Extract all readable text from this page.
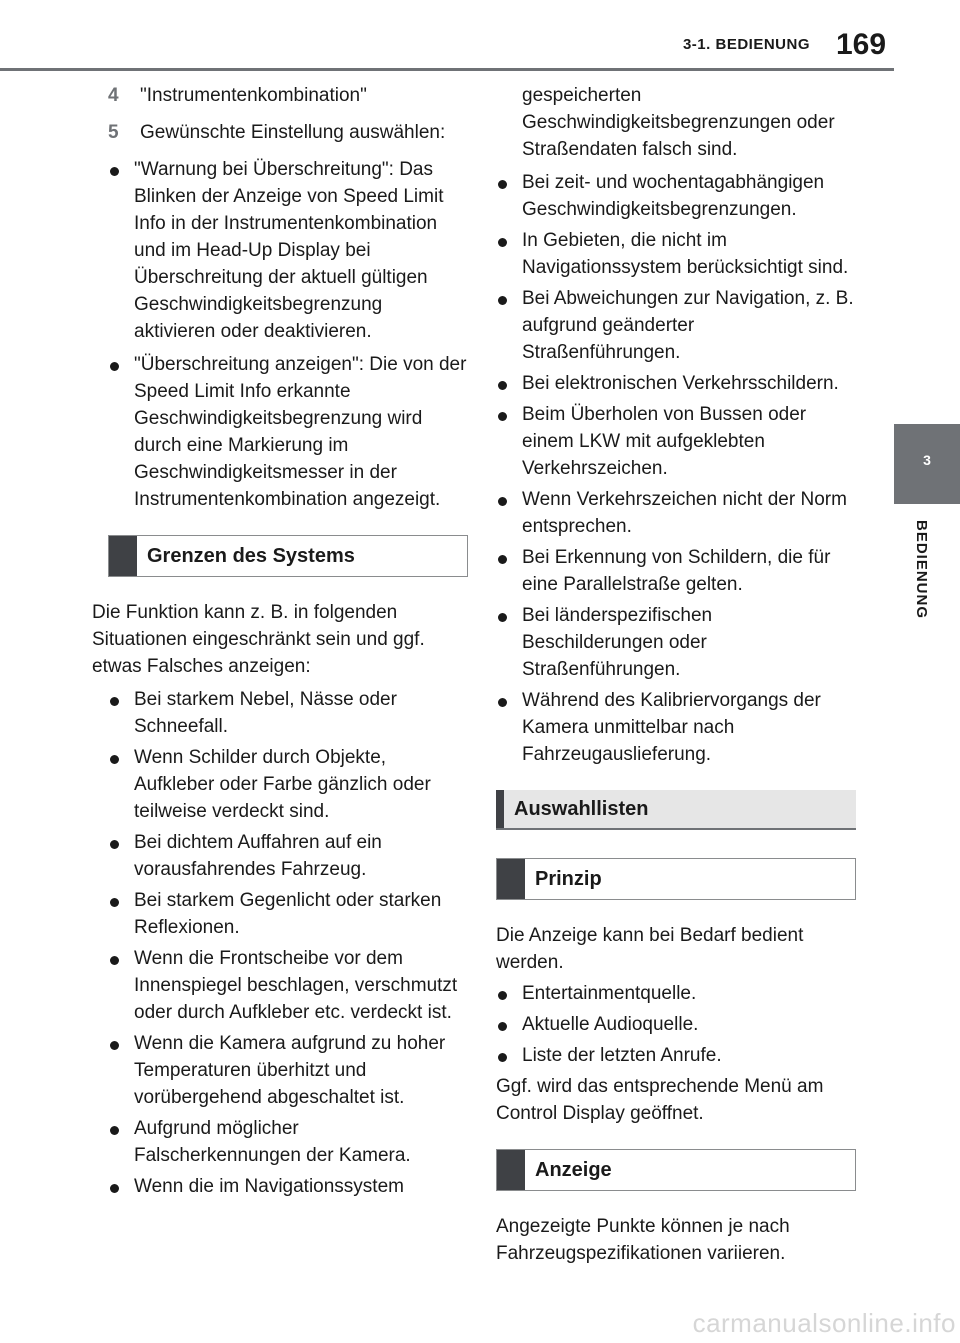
3-1. BEDIENUNG 169
3
BEDIENUNG
4 "Instrumentenkombination"
5 Gewünschte Einstellung auswählen:
"Warnung bei Überschreitung": Das Blinken der Anzeige von Speed Limit Info in der Instrumentenkombination und im Head-Up Display bei Überschreitung der aktuell gültigen Geschwindigkeitsbegrenzung aktivieren oder deaktivieren.
"Überschreitung anzeigen": Die von der Speed Limit Info erkannte Geschwindigkeitsbegrenzung wird durch eine Markierung im Geschwindigkeitsmesser in der Instrumentenkombination angezeigt.
Grenzen des Systems
Die Funktion kann z. B. in folgenden Situationen eingeschränkt sein und ggf. etwas Falsches anzeigen:
Bei starkem Nebel, Nässe oder Schneefall.
Wenn Schilder durch Objekte, Aufkleber oder Farbe gänzlich oder teilweise verdeckt sind.
Bei dichtem Auffahren auf ein vorausfahrendes Fahrzeug.
Bei starkem Gegenlicht oder starken Reflexionen.
Wenn die Frontscheibe vor dem Innenspiegel beschlagen, verschmutzt oder durch Aufkleber etc. verdeckt ist.
Wenn die Kamera aufgrund zu hoher Temperaturen überhitzt und vorübergehend abgeschaltet ist.
Aufgrund möglicher Falscherkennungen der Kamera.
Wenn die im Navigationssystem
gespeicherten Geschwindigkeitsbegrenzungen oder Straßendaten falsch sind.
Bei zeit- und wochentagabhängigen Geschwindigkeitsbegrenzungen.
In Gebieten, die nicht im Navigationssystem berücksichtigt sind.
Bei Abweichungen zur Navigation, z. B. aufgrund geänderter Straßenführungen.
Bei elektronischen Verkehrsschildern.
Beim Überholen von Bussen oder einem LKW mit aufgeklebten Verkehrszeichen.
Wenn Verkehrszeichen nicht der Norm entsprechen.
Bei Erkennung von Schildern, die für eine Parallelstraße gelten.
Bei länderspezifischen Beschilderungen oder Straßenführungen.
Während des Kalibriervorgangs der Kamera unmittelbar nach Fahrzeugauslieferung.
Auswahllisten
Prinzip
Die Anzeige kann bei Bedarf bedient werden.
Entertainmentquelle.
Aktuelle Audioquelle.
Liste der letzten Anrufe.
Ggf. wird das entsprechende Menü am Control Display geöffnet.
Anzeige
Angezeigte Punkte können je nach Fahrzeugspezifikationen variieren.
carmanualsonline.info
